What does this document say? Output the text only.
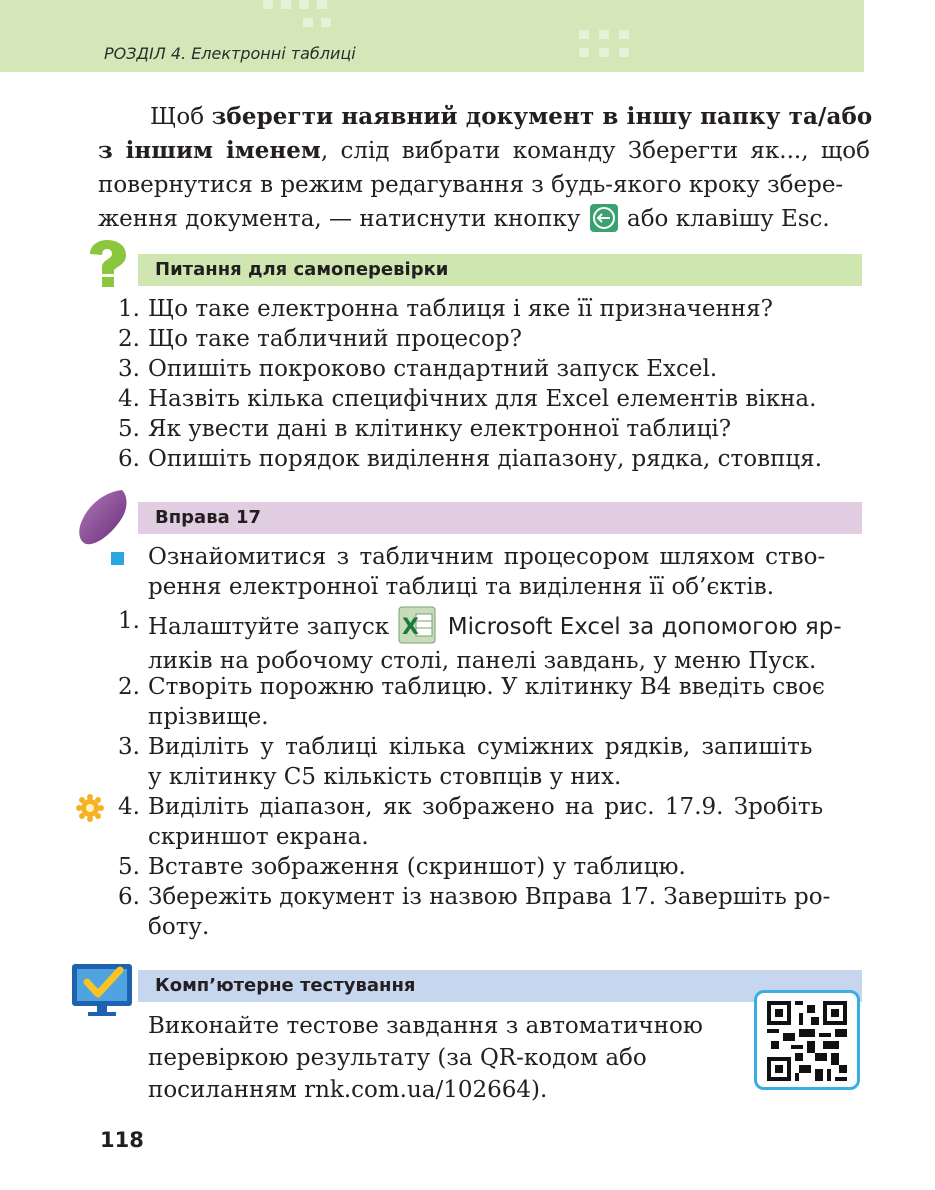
РОЗДІЛ 4. Електронні таблиці
Щоб зберегти наявний документ в іншу папку та/або
з іншим іменем, слід вибрати команду Зберегти як..., щоб
повернутися в режим редагування з будь-якого кроку збере-
ження документа, — натиснути кнопку або клавішу Esc.
Питання для самоперевірки
1. Що таке електронна таблиця і яке її призначення?
2. Що таке табличний процесор?
3. Опишіть покроково стандартний запуск Excel.
4. Назвіть кілька специфічних для Excel елементів вікна.
5. Як увести дані в клітинку електронної таблиці?
6. Опишіть порядок виділення діапазону, рядка, стовпця.
Вправа 17
Ознайомитися з табличним процесором шляхом ство-
рення електронної таблиці та виділення її об’єктів.
1. Налаштуйте запуск X Microsoft Excel за допомогою яр-
ликів на робочому столі, панелі завдань, у меню Пуск.
2. Створіть порожню таблицю. У клітинку B4 введіть своє
прізвище.
3. Виділіть у таблиці кілька суміжних рядків, запишіть
у клітинку C5 кількість стовпців у них.
4. Виділіть діапазон, як зображено на рис. 17.9. Зробіть
скриншот екрана.
5. Вставте зображення (скриншот) у таблицю.
6. Збережіть документ із назвою Вправа 17. Завершіть ро-
боту.
Комп’ютерне тестування
Виконайте тестове завдання з автоматичною
перевіркою результату (за QR-кодом або
посиланням rnk.com.ua/102664).
118
